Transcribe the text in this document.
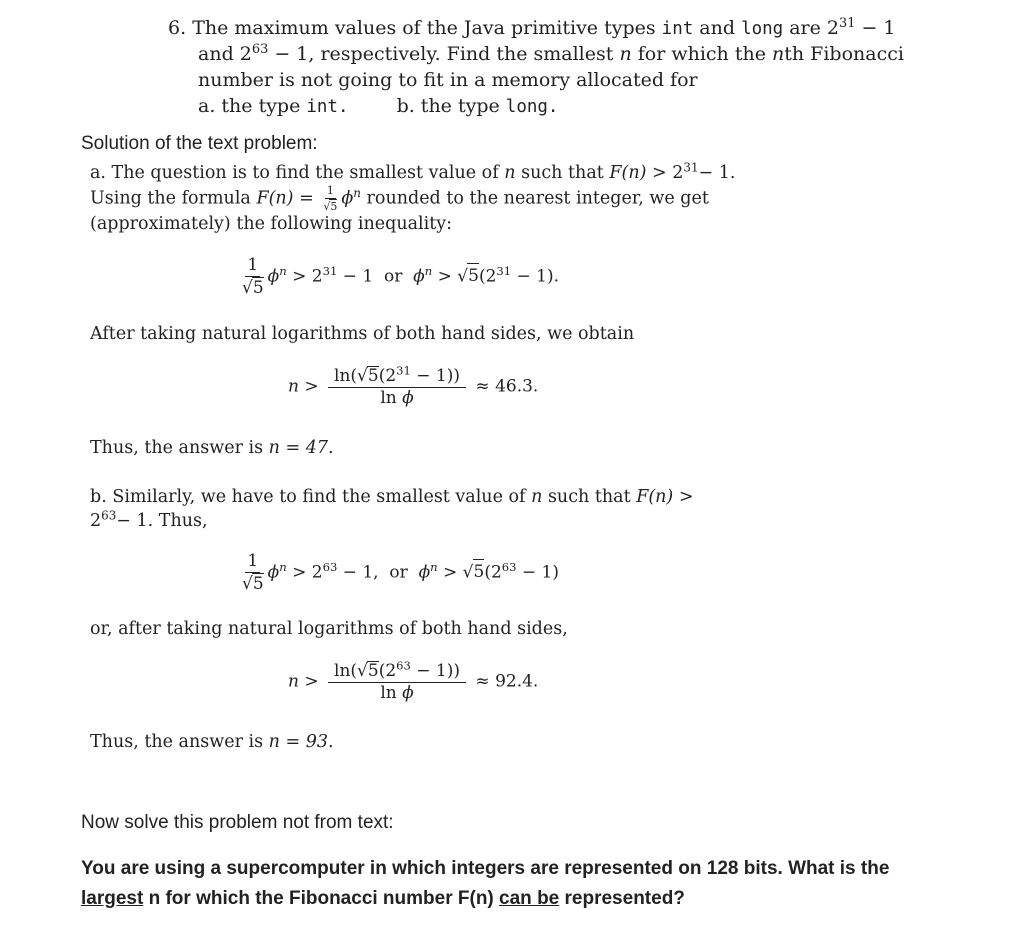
6. The maximum values of the Java primitive types int and long are $2^{31} - 1$
and $2^{63} - 1$, respectively. Find the smallest n for which the nth Fibonacci
number is not going to fit in a memory allocated for
a. the type int.	b. the type long.
Solution of the text problem:
a. The question is to find the smallest value of n such that $F(n) > 2^{31}- 1$.
Using the formula $F(n) = \frac{1}{√5} \phi^n$ rounded to the nearest integer, we get
(approximately) the following inequality:
$\frac{1}{√5} \phi^n > 2^{31} - 1$ or $\phi^n > √5(2^{31} - 1)$.
After taking natural logarithms of both hand sides, we obtain
$n > \frac{\ln(√5(2^{31} - 1))}{\text{ln ϕ}} \approx 46.3$.
Thus, the answer is n = 47.
b. Similarly, we have to find the smallest value of n such that F(n) >
$2^{63}- 1$. Thus,
$\frac{1}{√5} \phi^n > 2^{63} - 1$, or $\phi^n > √5(2^{63} - 1)$
or, after taking natural logarithms of both hand sides,
$n > \frac{\ln(√5(2^{63} - 1))}{\text{ln ϕ}} \approx 92.4$.
Thus, the answer is n = 93.
Now solve this problem not from text:
You are using a supercomputer in which integers are represented on 128 bits. What is the
largest n for which the Fibonacci number F(n) can be represented?
